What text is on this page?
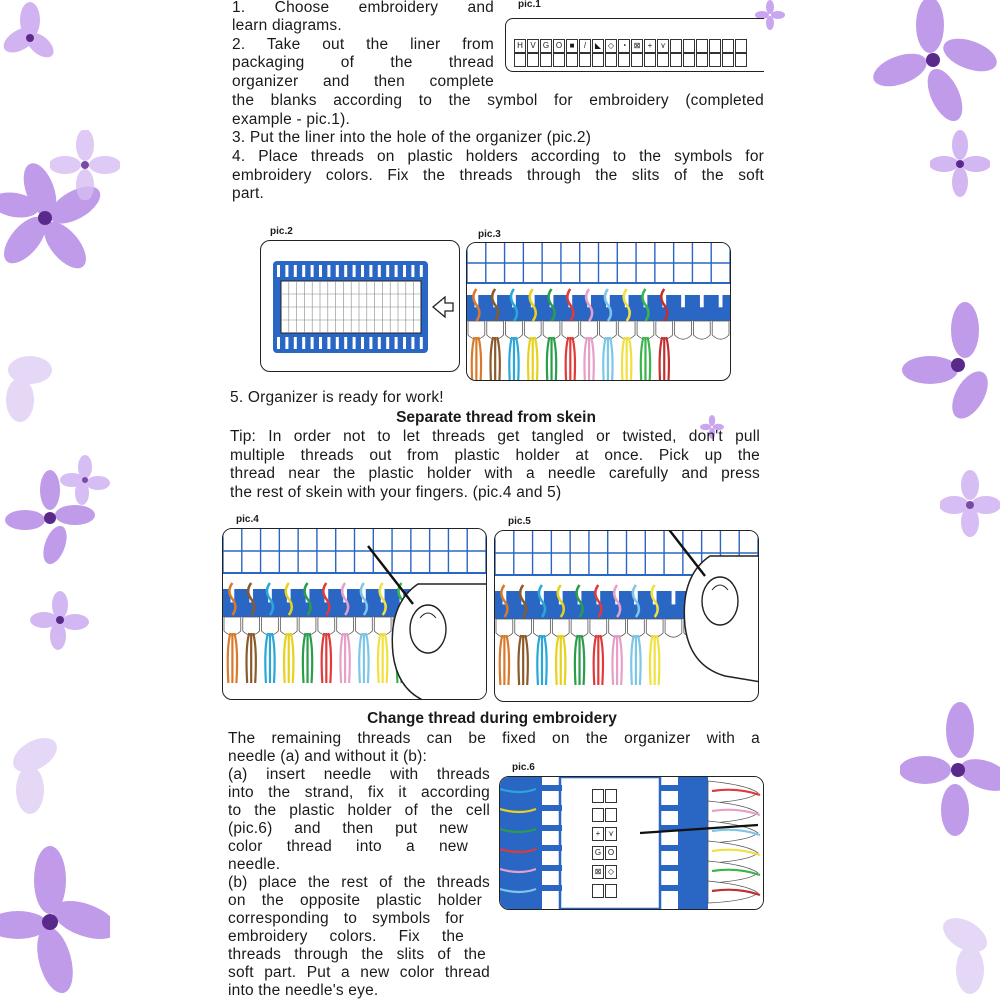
1. Choose embroidery and
learn diagrams.
2. Take out the liner from
packaging of the thread
organizer and then complete
the blanks according to the symbol for embroidery (completed
example - pic.1).
3. Put the liner into the hole of the organizer (pic.2)
4. Place threads on plastic holders according to the symbols for
embroidery colors. Fix the threads through the slits of the soft
part.
pic.1
H V G O ■	/	◣ ◇ ◔ ⊠ + ⋎
pic.2	pic.3
5. Organizer is ready for work!
Separate thread from skein
Tip: In order not to let threads get tangled or twisted, don't pull
multiple threads out from plastic holder at once. Pick up the
thread near the plastic holder with a needle carefully and press
the rest of skein with your fingers. (pic.4 and 5)
pic.4	pic.5
Change thread during embroidery
The remaining threads can be fixed on the organizer with a
needle (a) and without it (b):
(a) insert needle with threads
into the strand, fix it according
to the plastic holder of the cell
(pic.6) and then put new
color thread into a new
needle.
(b) place the rest of the threads
on the opposite plastic holder
corresponding to symbols for
embroidery colors. Fix the
threads through the slits of the
soft part. Put a new color thread
into the needle's eye.
pic.6
+ ⋎
G O
⊠ ◇
